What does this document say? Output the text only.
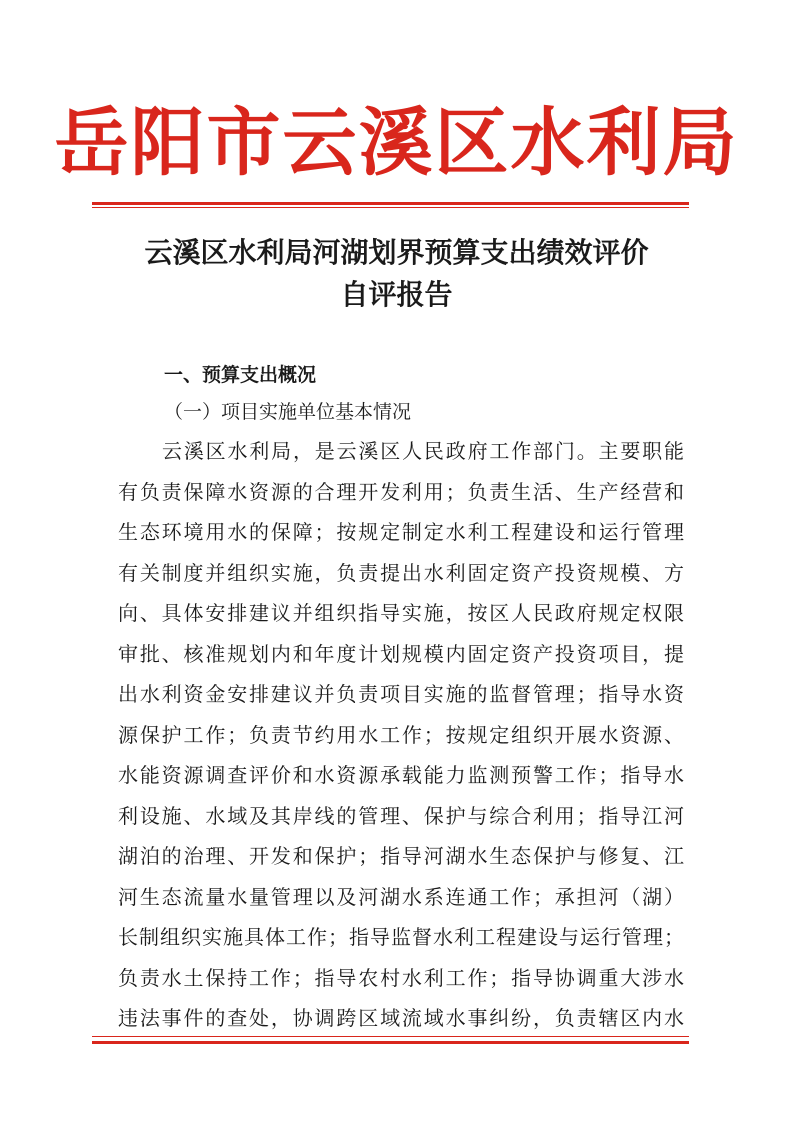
岳阳市云溪区水利局
云溪区水利局河湖划界预算支出绩效评价
自评报告
一、预算支出概况
（一）项目实施单位基本情况
云溪区水利局，是云溪区人民政府工作部门。主要职能
有负责保障水资源的合理开发利用；负责生活、生产经营和
生态环境用水的保障；按规定制定水利工程建设和运行管理
有关制度并组织实施，负责提出水利固定资产投资规模、方
向、具体安排建议并组织指导实施，按区人民政府规定权限
审批、核准规划内和年度计划规模内固定资产投资项目，提
出水利资金安排建议并负责项目实施的监督管理；指导水资
源保护工作；负责节约用水工作；按规定组织开展水资源、
水能资源调查评价和水资源承载能力监测预警工作；指导水
利设施、水域及其岸线的管理、保护与综合利用；指导江河
湖泊的治理、开发和保护；指导河湖水生态保护与修复、江
河生态流量水量管理以及河湖水系连通工作；承担河（湖）
长制组织实施具体工作；指导监督水利工程建设与运行管理；
负责水土保持工作；指导农村水利工作；指导协调重大涉水
违法事件的查处，协调跨区域流域水事纠纷，负责辖区内水
